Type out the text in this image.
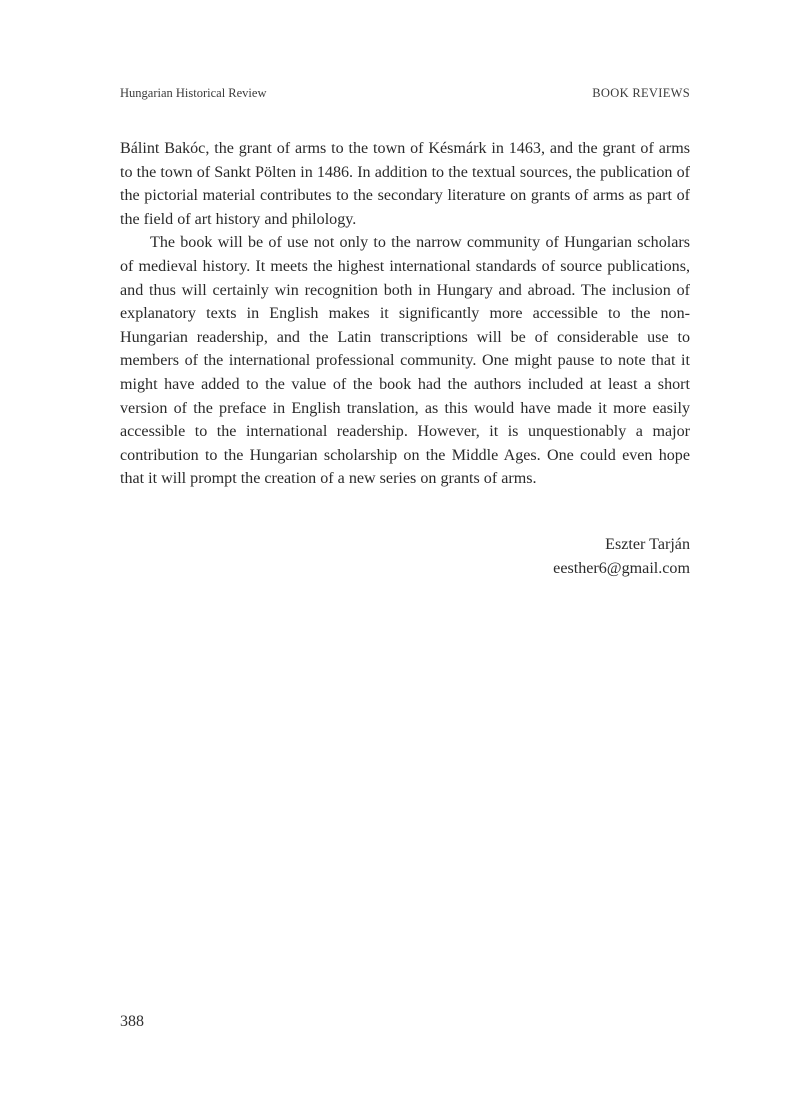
Hungarian Historical Review	BOOK REVIEWS

Bálint Bakóc, the grant of arms to the town of Késmárk in 1463, and the grant of arms to the town of Sankt Pölten in 1486. In addition to the textual sources, the publication of the pictorial material contributes to the secondary literature on grants of arms as part of the field of art history and philology.

The book will be of use not only to the narrow community of Hungarian scholars of medieval history. It meets the highest international standards of source publications, and thus will certainly win recognition both in Hungary and abroad. The inclusion of explanatory texts in English makes it significantly more accessible to the non-Hungarian readership, and the Latin transcriptions will be of considerable use to members of the international professional community. One might pause to note that it might have added to the value of the book had the authors included at least a short version of the preface in English translation, as this would have made it more easily accessible to the international readership. However, it is unquestionably a major contribution to the Hungarian scholarship on the Middle Ages. One could even hope that it will prompt the creation of a new series on grants of arms.

Eszter Tarján
eesther6@gmail.com
388
